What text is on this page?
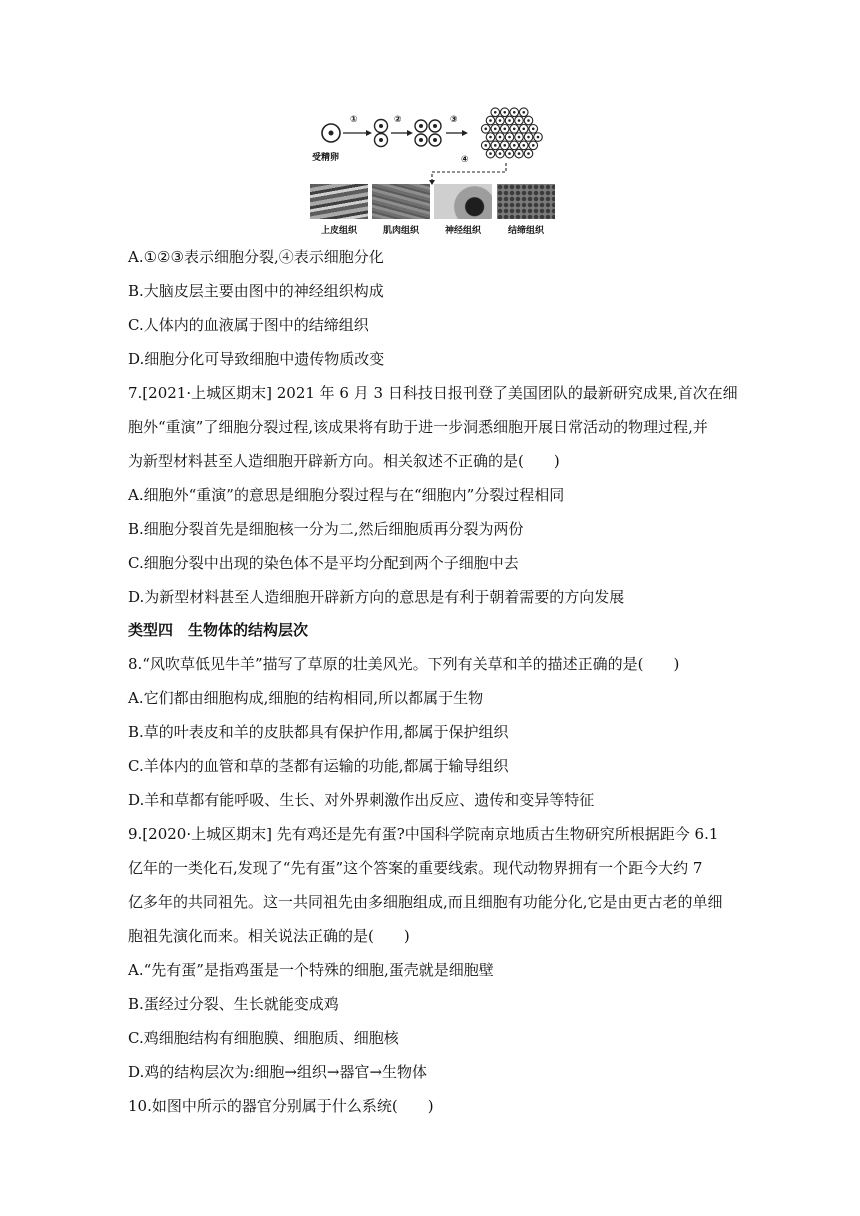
①	②	③
④
受精卵
上皮组织	肌肉组织	神经组织	结缔组织
A.①②③表示细胞分裂,④表示细胞分化
B.大脑皮层主要由图中的神经组织构成
C.人体内的血液属于图中的结缔组织
D.细胞分化可导致细胞中遗传物质改变
7.[2021·上城区期末] 2021 年 6 月 3 日科技日报刊登了美国团队的最新研究成果,首次在细
胞外“重演”了细胞分裂过程,该成果将有助于进一步洞悉细胞开展日常活动的物理过程,并
为新型材料甚至人造细胞开辟新方向。相关叙述不正确的是(　　)
A.细胞外“重演”的意思是细胞分裂过程与在“细胞内”分裂过程相同
B.细胞分裂首先是细胞核一分为二,然后细胞质再分裂为两份
C.细胞分裂中出现的染色体不是平均分配到两个子细胞中去
D.为新型材料甚至人造细胞开辟新方向的意思是有利于朝着需要的方向发展
类型四　生物体的结构层次
8.“风吹草低见牛羊”描写了草原的壮美风光。下列有关草和羊的描述正确的是(　　)
A.它们都由细胞构成,细胞的结构相同,所以都属于生物
B.草的叶表皮和羊的皮肤都具有保护作用,都属于保护组织
C.羊体内的血管和草的茎都有运输的功能,都属于输导组织
D.羊和草都有能呼吸、生长、对外界刺激作出反应、遗传和变异等特征
9.[2020·上城区期末] 先有鸡还是先有蛋?中国科学院南京地质古生物研究所根据距今 6.1
亿年的一类化石,发现了“先有蛋”这个答案的重要线索。现代动物界拥有一个距今大约 7
亿多年的共同祖先。这一共同祖先由多细胞组成,而且细胞有功能分化,它是由更古老的单细
胞祖先演化而来。相关说法正确的是(　　)
A.“先有蛋”是指鸡蛋是一个特殊的细胞,蛋壳就是细胞壁
B.蛋经过分裂、生长就能变成鸡
C.鸡细胞结构有细胞膜、细胞质、细胞核
D.鸡的结构层次为:细胞→组织→器官→生物体
10.如图中所示的器官分别属于什么系统(　　)
